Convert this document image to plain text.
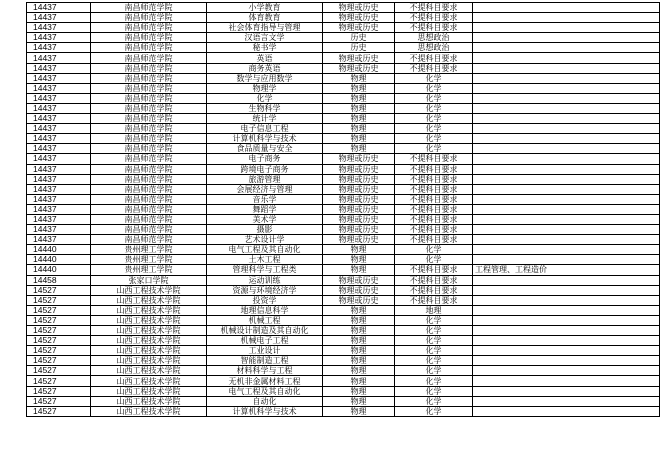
14437	南昌师范学院	小学教育	物理或历史	不提科目要求	
14437	南昌师范学院	体育教育	物理或历史	不提科目要求	
14437	南昌师范学院	社会体育指导与管理	物理或历史	不提科目要求	
14437	南昌师范学院	汉语言文学	历史	思想政治	
14437	南昌师范学院	秘书学	历史	思想政治	
14437	南昌师范学院	英语	物理或历史	不提科目要求	
14437	南昌师范学院	商务英语	物理或历史	不提科目要求	
14437	南昌师范学院	数学与应用数学	物理	化学	
14437	南昌师范学院	物理学	物理	化学	
14437	南昌师范学院	化学	物理	化学	
14437	南昌师范学院	生物科学	物理	化学	
14437	南昌师范学院	统计学	物理	化学	
14437	南昌师范学院	电子信息工程	物理	化学	
14437	南昌师范学院	计算机科学与技术	物理	化学	
14437	南昌师范学院	食品质量与安全	物理	化学	
14437	南昌师范学院	电子商务	物理或历史	不提科目要求	
14437	南昌师范学院	跨境电子商务	物理或历史	不提科目要求	
14437	南昌师范学院	旅游管理	物理或历史	不提科目要求	
14437	南昌师范学院	会展经济与管理	物理或历史	不提科目要求	
14437	南昌师范学院	音乐学	物理或历史	不提科目要求	
14437	南昌师范学院	舞蹈学	物理或历史	不提科目要求	
14437	南昌师范学院	美术学	物理或历史	不提科目要求	
14437	南昌师范学院	摄影	物理或历史	不提科目要求	
14437	南昌师范学院	艺术设计学	物理或历史	不提科目要求	
14440	贵州理工学院	电气工程及其自动化	物理	化学	
14440	贵州理工学院	土木工程	物理	化学	
14440	贵州理工学院	管理科学与工程类	物理	不提科目要求	工程管理、工程造价
14458	张家口学院	运动训练	物理或历史	不提科目要求	
14527	山西工程技术学院	资源与环境经济学	物理或历史	不提科目要求	
14527	山西工程技术学院	投资学	物理或历史	不提科目要求	
14527	山西工程技术学院	地理信息科学	物理	地理	
14527	山西工程技术学院	机械工程	物理	化学	
14527	山西工程技术学院	机械设计制造及其自动化	物理	化学	
14527	山西工程技术学院	机械电子工程	物理	化学	
14527	山西工程技术学院	工业设计	物理	化学	
14527	山西工程技术学院	智能制造工程	物理	化学	
14527	山西工程技术学院	材料科学与工程	物理	化学	
14527	山西工程技术学院	无机非金属材料工程	物理	化学	
14527	山西工程技术学院	电气工程及其自动化	物理	化学	
14527	山西工程技术学院	自动化	物理	化学	
14527	山西工程技术学院	计算机科学与技术	物理	化学	
